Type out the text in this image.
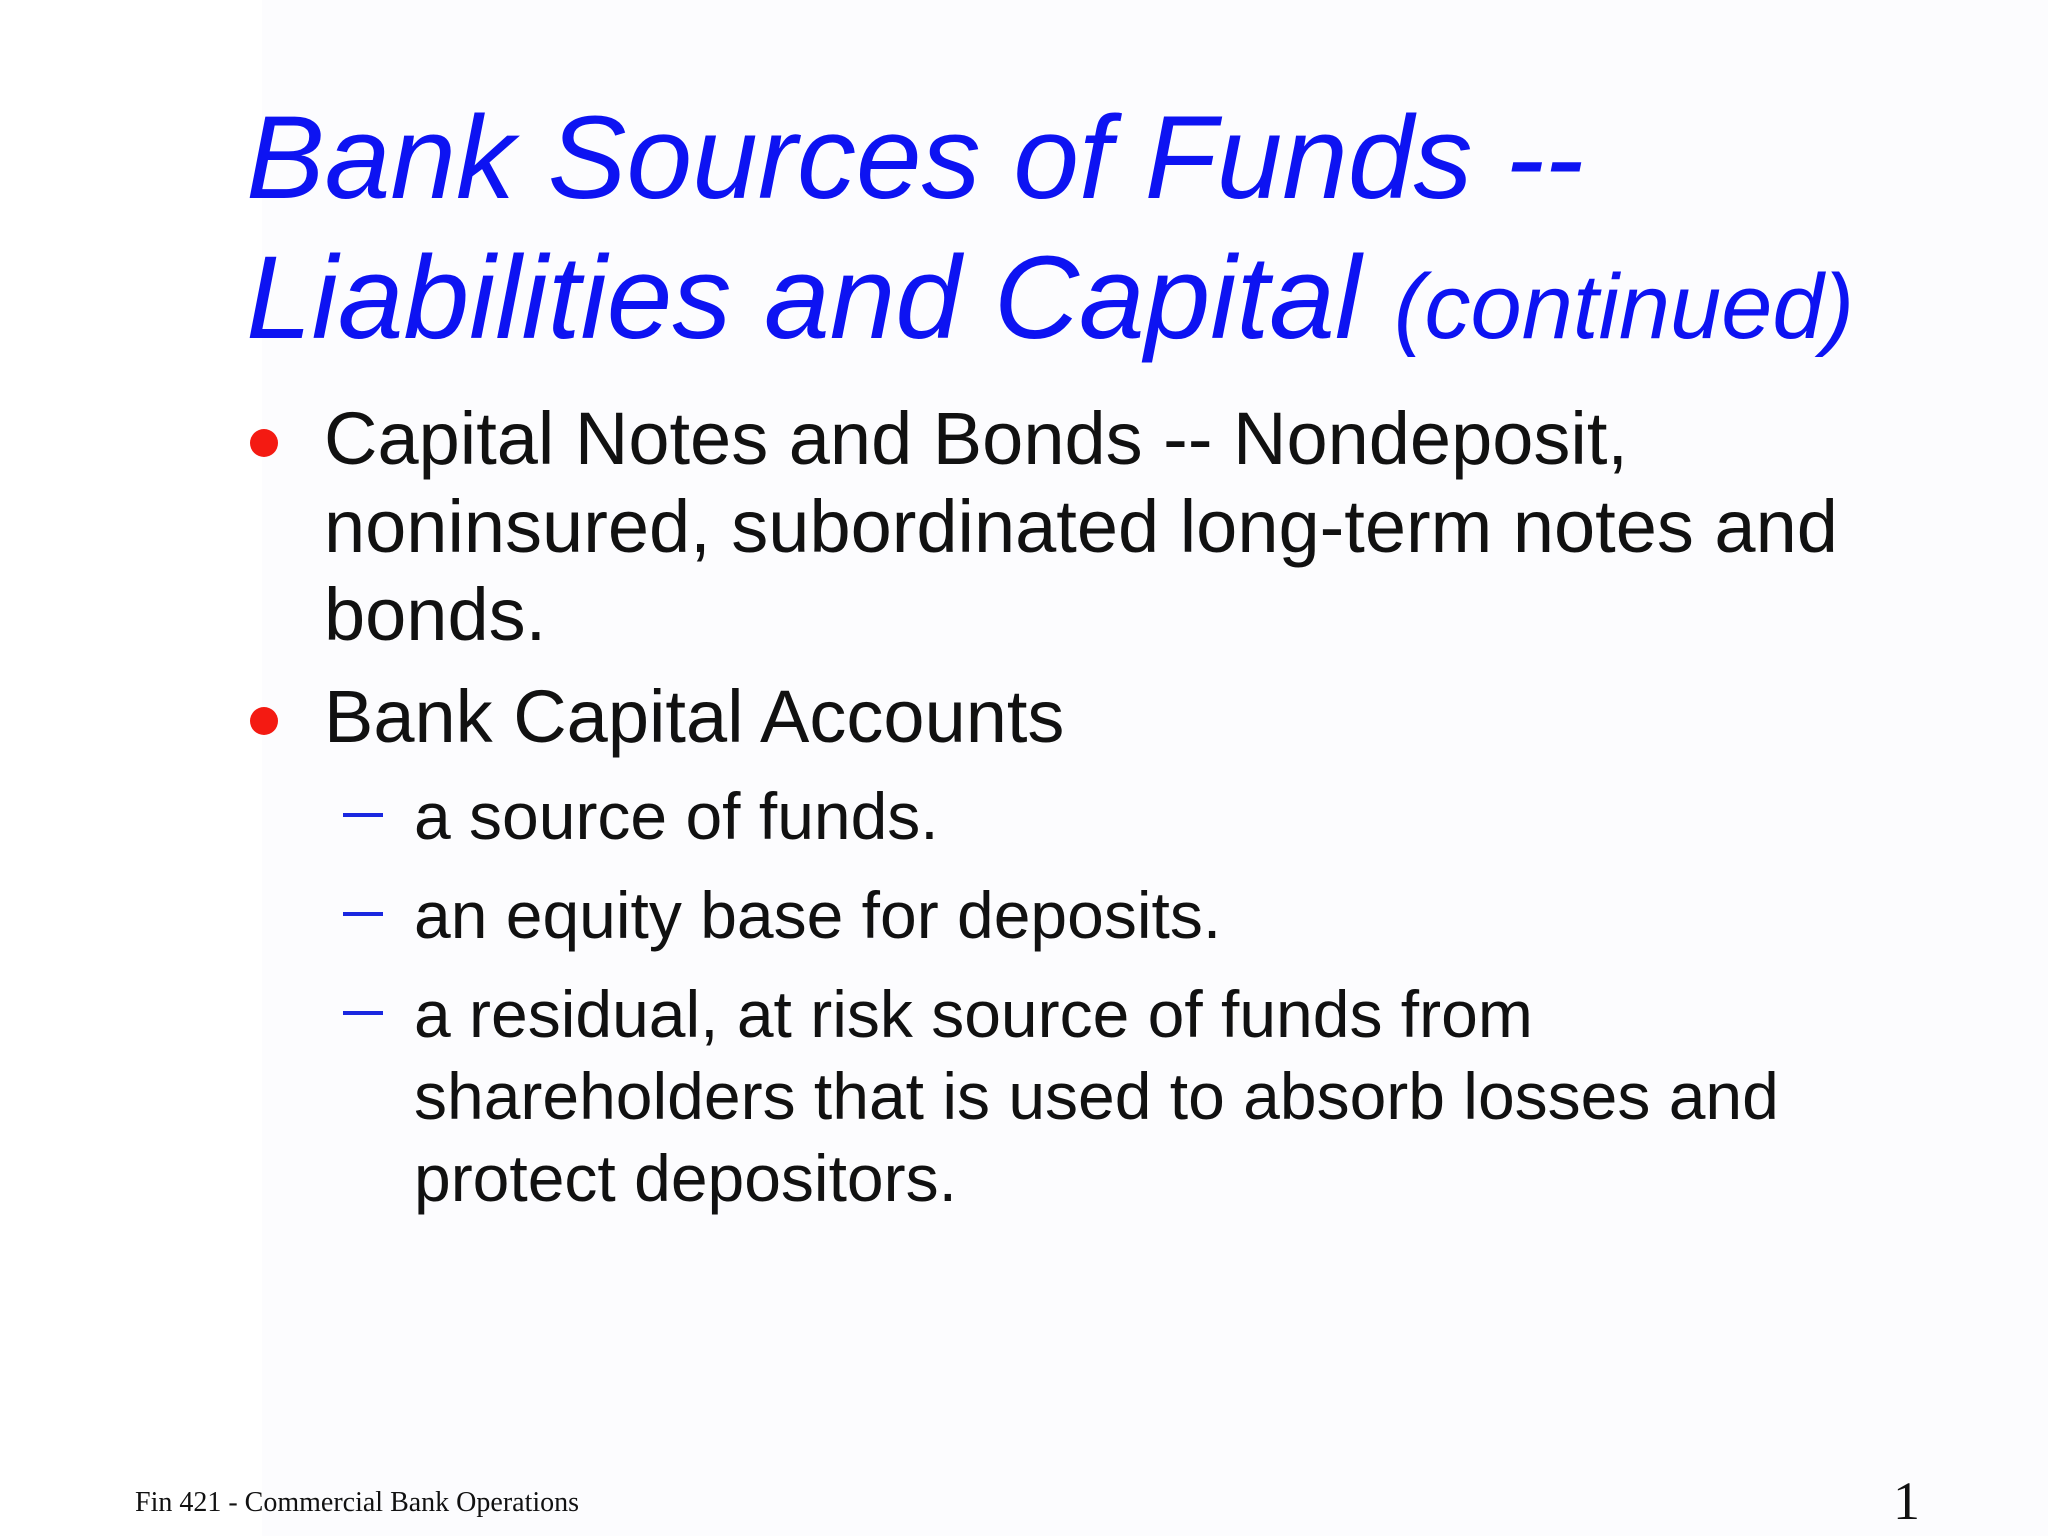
Bank Sources of Funds --
Liabilities and Capital (continued)
Capital Notes and Bonds -- Nondeposit, noninsured, subordinated long-term notes and bonds.
Bank Capital Accounts
a source of funds.
an equity base for deposits.
a residual, at risk source of funds from shareholders that is used to absorb losses and protect depositors.
Fin 421 - Commercial Bank Operations	1
